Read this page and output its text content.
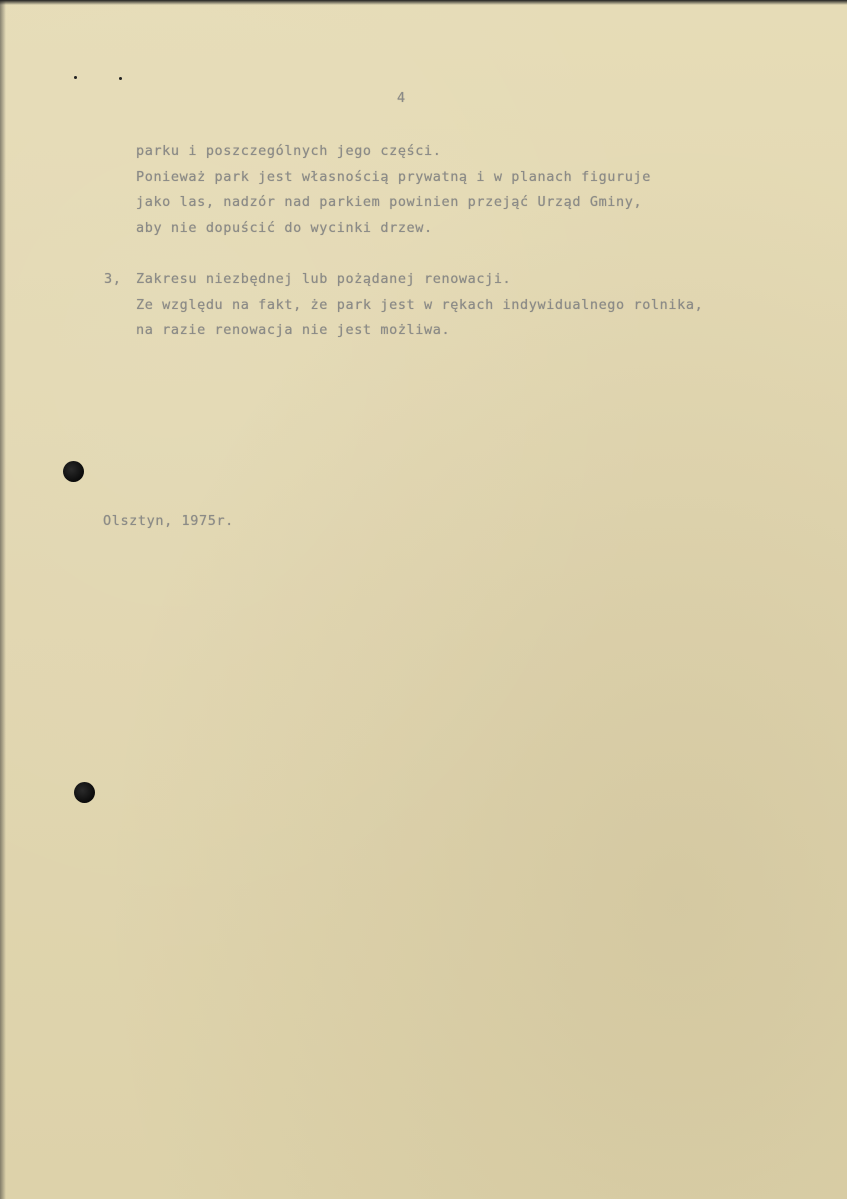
4
parku i poszczególnych jego części.
Ponieważ park jest własnością prywatną i w planach figuruje
jako las, nadzór nad parkiem powinien przejąć Urząd Gminy,
aby nie dopuścić do wycinki drzew.
3, Zakresu niezbędnej lub pożądanej renowacji.
Ze względu na fakt, że park jest w rękach indywidualnego rolnika,
na razie renowacja nie jest możliwa.
Olsztyn, 1975r.
